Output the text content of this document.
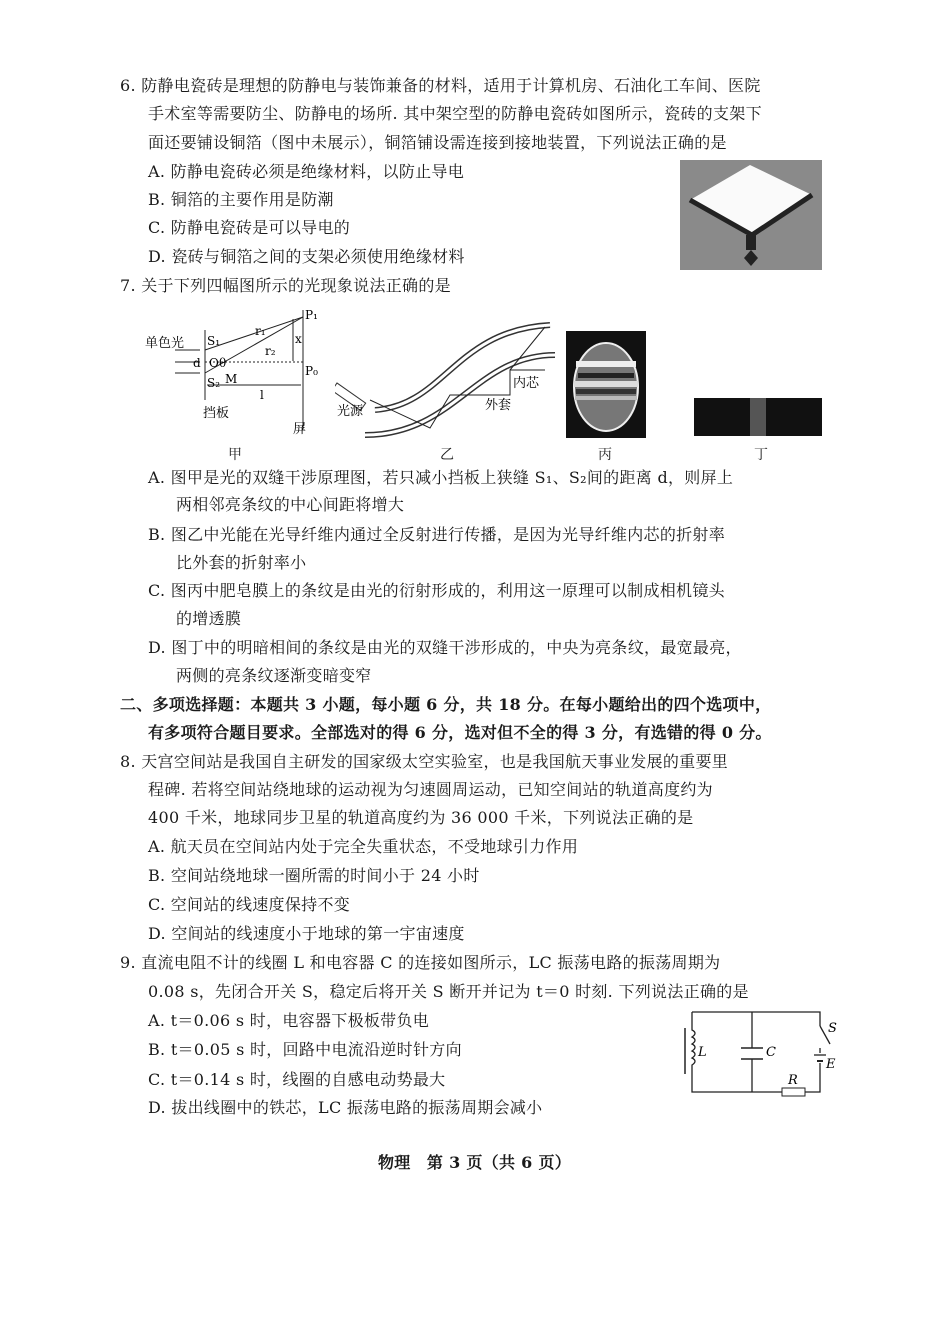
6. 防静电瓷砖是理想的防静电与装饰兼备的材料，适用于计算机房、石油化工车间、医院
手术室等需要防尘、防静电的场所. 其中架空型的防静电瓷砖如图所示，瓷砖的支架下
面还要铺设铜箔（图中未展示），铜箔铺设需连接到接地装置，下列说法正确的是
A. 防静电瓷砖必须是绝缘材料，以防止导电
B. 铜箔的主要作用是防潮
C. 防静电瓷砖是可以导电的
D. 瓷砖与铜箔之间的支架必须使用绝缘材料
7. 关于下列四幅图所示的光现象说法正确的是
单色光 S₁
S₂
O θ
d
M
P₁
P₀
x
r₁
r₂
l
挡板
屏
甲
光源
内芯
外套
乙	丙	丁
A. 图甲是光的双缝干涉原理图，若只减小挡板上狭缝 S₁、S₂间的距离 d，则屏上
两相邻亮条纹的中心间距将增大
B. 图乙中光能在光导纤维内通过全反射进行传播，是因为光导纤维内芯的折射率
比外套的折射率小
C. 图丙中肥皂膜上的条纹是由光的衍射形成的，利用这一原理可以制成相机镜头
的增透膜
D. 图丁中的明暗相间的条纹是由光的双缝干涉形成的，中央为亮条纹，最宽最亮，
两侧的亮条纹逐渐变暗变窄
二、多项选择题：本题共 3 小题，每小题 6 分，共 18 分。在每小题给出的四个选项中，
有多项符合题目要求。全部选对的得 6 分，选对但不全的得 3 分，有选错的得 0 分。
8. 天宫空间站是我国自主研发的国家级太空实验室，也是我国航天事业发展的重要里
程碑. 若将空间站绕地球的运动视为匀速圆周运动，已知空间站的轨道高度约为
400 千米，地球同步卫星的轨道高度约为 36 000 千米，下列说法正确的是
A. 航天员在空间站内处于完全失重状态，不受地球引力作用
B. 空间站绕地球一圈所需的时间小于 24 小时
C. 空间站的线速度保持不变
D. 空间站的线速度小于地球的第一宇宙速度
9. 直流电阻不计的线圈 L 和电容器 C 的连接如图所示，LC 振荡电路的振荡周期为
0.08 s，先闭合开关 S，稳定后将开关 S 断开并记为 t＝0 时刻. 下列说法正确的是
A. t＝0.06 s 时，电容器下极板带负电
B. t＝0.05 s 时，回路中电流沿逆时针方向
C. t＝0.14 s 时，线圈的自感电动势最大
D. 拔出线圈中的铁芯，LC 振荡电路的振荡周期会减小
L	C
S
E
R
物理　第 3 页（共 6 页）
